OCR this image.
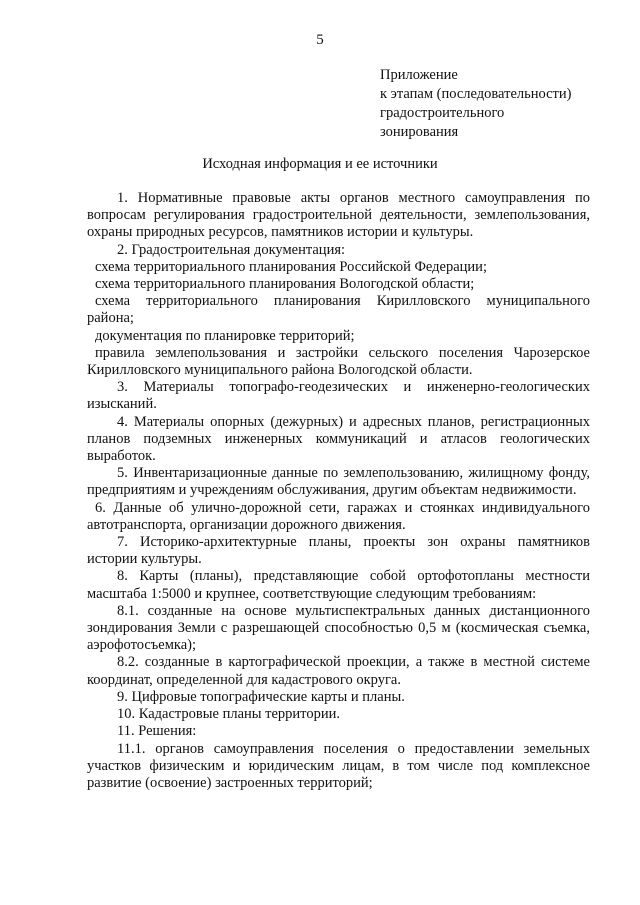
5
Приложение
к этапам (последовательности)
градостроительного
зонирования
Исходная информация и ее источники
1. Нормативные правовые акты органов местного самоуправления по вопросам регулирования градостроительной деятельности, землепользования, охраны природных ресурсов, памятников истории и культуры.
2. Градостроительная документация:
схема территориального планирования Российской Федерации;
схема территориального планирования Вологодской области;
схема территориального планирования Кирилловского муниципального района;
документация по планировке территорий;
правила землепользования и застройки сельского поселения Чарозерское Кирилловского муниципального района Вологодской области.
3. Материалы топографо-геодезических и инженерно-геологических изысканий.
4. Материалы опорных (дежурных) и адресных планов, регистрационных планов подземных инженерных коммуникаций и атласов геологических выработок.
5. Инвентаризационные данные по землепользованию, жилищному фонду, предприятиям и учреждениям обслуживания, другим объектам недвижимости.
6. Данные об улично-дорожной сети, гаражах и стоянках индивидуального автотранспорта, организации дорожного движения.
7. Историко-архитектурные планы, проекты зон охраны памятников истории культуры.
8. Карты (планы), представляющие собой ортофотопланы местности масштаба 1:5000 и крупнее, соответствующие следующим требованиям:
8.1. созданные на основе мультиспектральных данных дистанционного зондирования Земли с разрешающей способностью 0,5 м (космическая съемка, аэрофотосъемка);
8.2. созданные в картографической проекции, а также в местной системе координат, определенной для кадастрового округа.
9. Цифровые топографические карты и планы.
10. Кадастровые планы территории.
11. Решения:
11.1. органов самоуправления поселения о предоставлении земельных участков физическим и юридическим лицам, в том числе под комплексное развитие (освоение) застроенных территорий;
